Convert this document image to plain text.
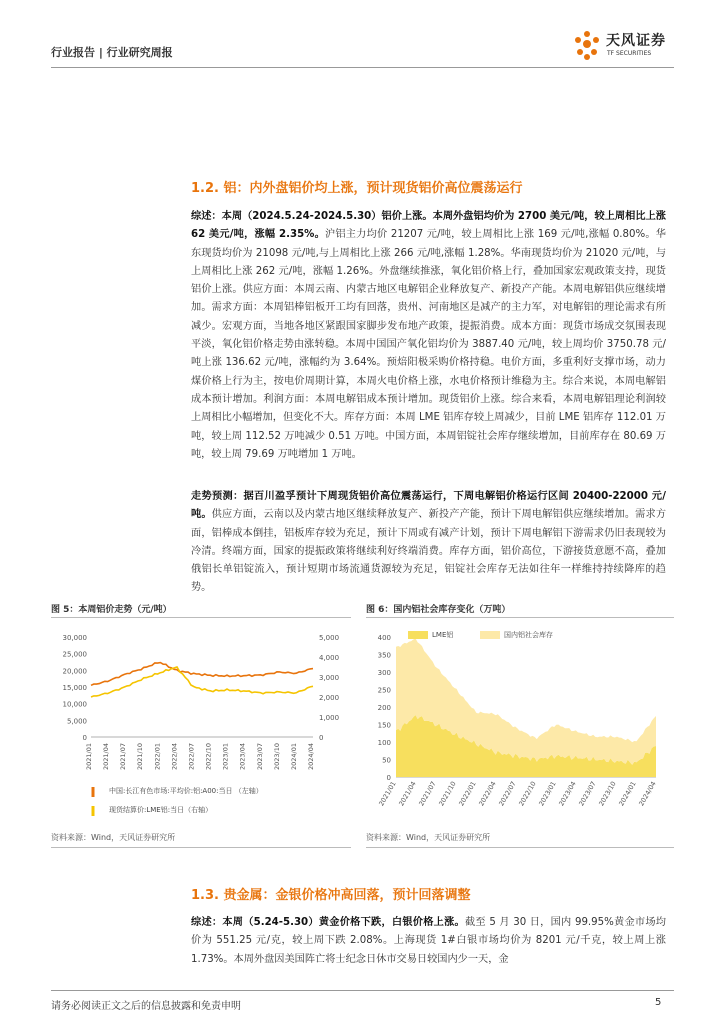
行业报告 | 行业研究周报
天风证券
TF SECURITIES
1.2. 铝：内外盘铝价均上涨，预计现货铝价高位震荡运行
综述：本周（2024.5.24-2024.5.30）铝价上涨。本周外盘铝均价为 2700 美元/吨，较上周相比上涨 62 美元/吨，涨幅 2.35%。沪铝主力均价 21207 元/吨，较上周相比上涨 169 元/吨,涨幅 0.80%。华东现货均价为 21098 元/吨,与上周相比上涨 266 元/吨,涨幅 1.28%。华南现货均价为 21020 元/吨，与上周相比上涨 262 元/吨，涨幅 1.26%。外盘继续推涨，氧化铝价格上行，叠加国家宏观政策支持，现货铝价上涨。供应方面：本周云南、内蒙古地区电解铝企业释放复产、新投产产能。本周电解铝供应继续增加。需求方面：本周铝棒铝板开工均有回落，贵州、河南地区是减产的主力军，对电解铝的理论需求有所减少。宏观方面，当地各地区紧跟国家脚步发布地产政策，提振消费。成本方面：现货市场成交氛围表现平淡，氧化铝价格走势由涨转稳。本周中国国产氧化铝均价为 3887.40 元/吨，较上周均价 3750.78 元/吨上涨 136.62 元/吨，涨幅约为 3.64%。预焙阳极采购价格持稳。电价方面，多重利好支撑市场，动力煤价格上行为主，按电价周期计算，本周火电价格上涨，水电价格预计维稳为主。综合来说，本周电解铝成本预计增加。利润方面：本周电解铝成本预计增加。现货铝价上涨。综合来看，本周电解铝理论利润较上周相比小幅增加，但变化不大。库存方面：本周 LME 铝库存较上周减少，目前 LME 铝库存 112.01 万吨，较上周 112.52 万吨减少 0.51 万吨。中国方面，本周铝锭社会库存继续增加，目前库存在 80.69 万吨，较上周 79.69 万吨增加 1 万吨。
走势预测：据百川盈孚预计下周现货铝价高位震荡运行，下周电解铝价格运行区间 20400-22000 元/吨。供应方面，云南以及内蒙古地区继续释放复产、新投产产能，预计下周电解铝供应继续增加。需求方面，铝棒成本倒挂，铝板库存较为充足，预计下周或有减产计划，预计下周电解铝下游需求仍旧表现较为冷清。终端方面，国家的提振政策将继续利好终端消费。库存方面，铝价高位，下游接货意愿不高，叠加俄铝长单铝锭流入，预计短期市场流通货源较为充足，铝锭社会库存无法如往年一样维持持续降库的趋势。
图 5：本周铝价走势（元/吨）
30,000
25,000
20,000
15,000
10,000
5,000
0
5,000
4,000
3,000
2,000
1,000
0
2021/01 2021/04 2021/07 2021/10 2022/01 2022/04 2022/07 2022/10 2023/01 2023/04 2023/07 2023/10 2024/01 2024/04
中国:长江有色市场:平均价:铝:A00:当日 （左轴）
现货结算价:LME铝:当日（右轴）
资料来源：Wind，天风证券研究所
图 6：国内铝社会库存变化（万吨）
400
350
300
250
200
150
100
50
0
2021/01 2021/04 2021/07 2021/10 2022/01 2022/04 2022/07 2022/10 2023/01 2023/04 2023/07 2023/10 2024/01 2024/04
LME铝	国内铝社会库存
资料来源：Wind，天风证券研究所
1.3. 贵金属：金银价格冲高回落，预计回落调整
综述：本周（5.24-5.30）黄金价格下跌，白银价格上涨。截至 5 月 30 日，国内 99.95%黄金市场均价为 551.25 元/克，较上周下跌 2.08%。上海现货 1#白银市场均价为 8201 元/千克，较上周上涨 1.73%。本周外盘因美国阵亡将士纪念日休市交易日较国内少一天，金
请务必阅读正文之后的信息披露和免责申明	5
